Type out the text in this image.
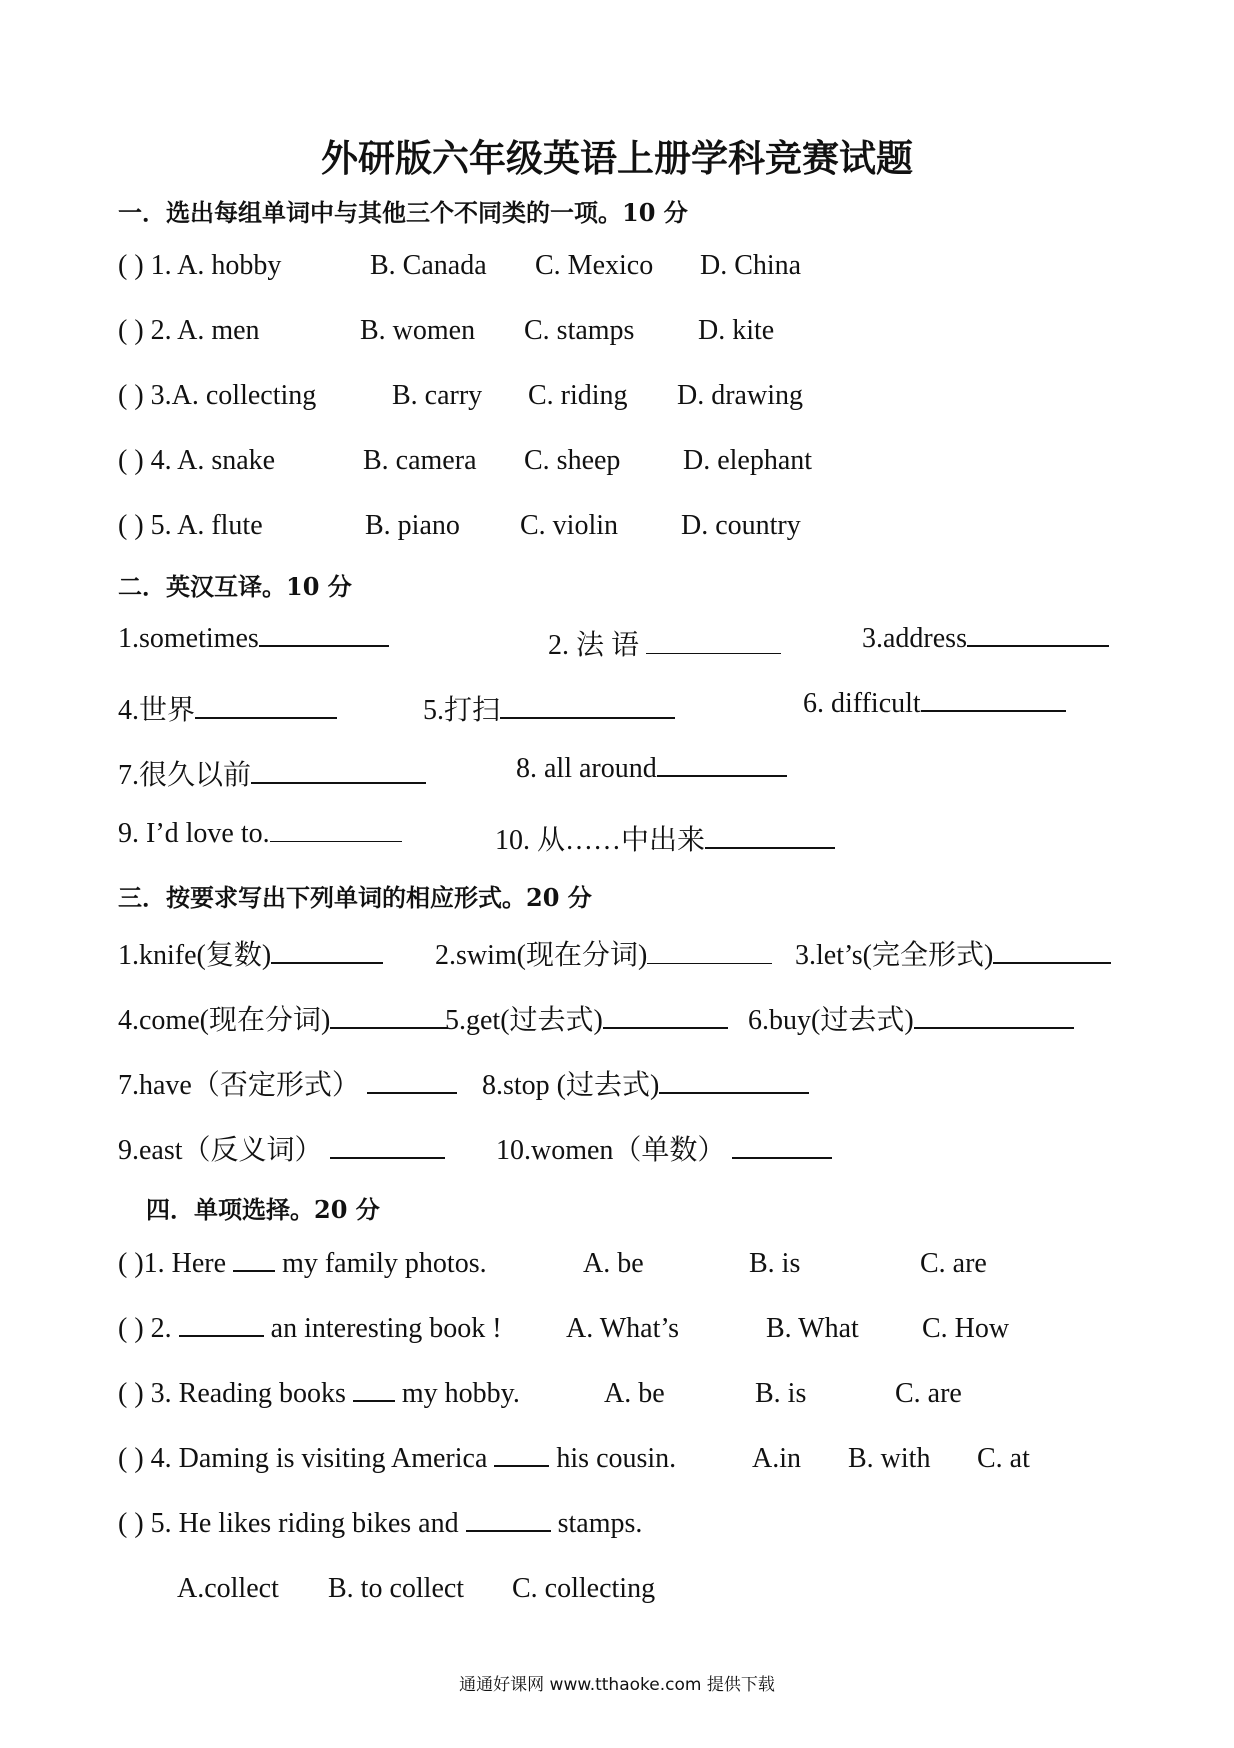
外研版六年级英语上册学科竞赛试题
一．选出每组单词中与其他三个不同类的一项。10 分
( ) 1. A. hobby	B. Canada C. Mexico D. China
( ) 2. A. men	B. women C. stamps D. kite
( ) 3.A. collecting	B. carry C. riding D. drawing
( ) 4. A. snake	B. camera C. sheep D. elephant
( ) 5. A. flute	B. piano C. violin D. country
二．英汉互译。10 分
1.sometimes	2. 法 语	3.address
4.世界	5.打扫	6. difficult
7.很久以前	8. all around
9. I’d love to.	10. 从……中出来
三．按要求写出下列单词的相应形式。20 分
1.knife(复数)	2.swim(现在分词)	3.let’s(完全形式)
4.come(现在分词)	5.get(过去式)	6.buy(过去式)
7.have（否定形式）	8.stop (过去式)
9.east（反义词）	10.women（单数）
四．单项选择。20 分
( )1. Here my family photos.	A. be	B. is	C. are
( ) 2.	an interesting book ! A. What’s	B. What C. How
( ) 3. Reading books my hobby.	A. be	B. is	C. are
( ) 4. Daming is visiting America his cousin.	A.in B. with C. at
( ) 5. He likes riding bikes and	stamps.
A.collect B. to collect C. collecting
通通好课网 www.tthaoke.com 提供下载
